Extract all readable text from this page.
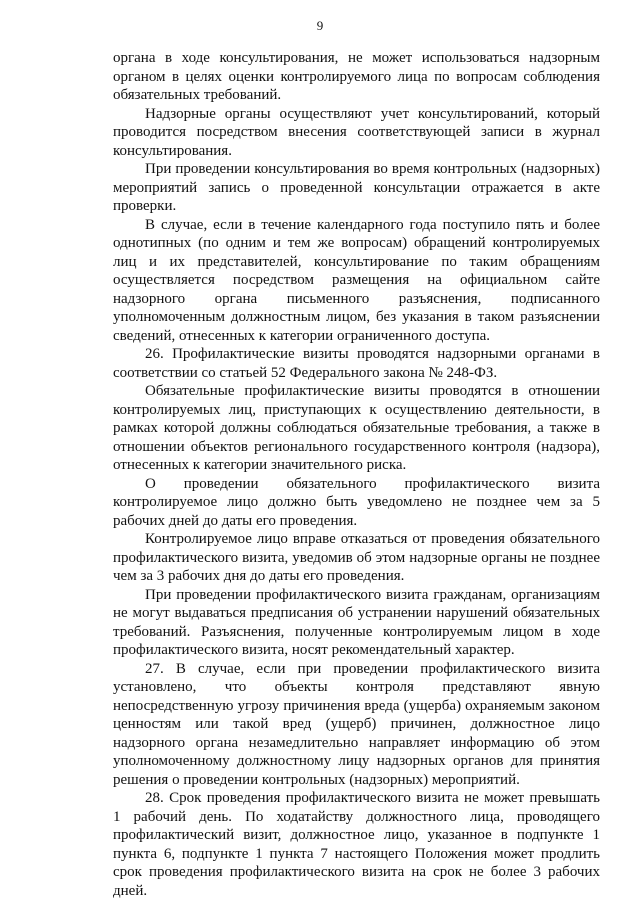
9

органа в ходе консультирования, не может использоваться надзорным органом в целях оценки контролируемого лица по вопросам соблюдения обязательных требований.

Надзорные органы осуществляют учет консультирований, который проводится посредством внесения соответствующей записи в журнал консультирования.

При проведении консультирования во время контрольных (надзорных) мероприятий запись о проведенной консультации отражается в акте проверки.

В случае, если в течение календарного года поступило пять и более однотипных (по одним и тем же вопросам) обращений контролируемых лиц и их представителей, консультирование по таким обращениям осуществляется посредством размещения на официальном сайте надзорного органа письменного разъяснения, подписанного уполномоченным должностным лицом, без указания в таком разъяснении сведений, отнесенных к категории ограниченного доступа.

26. Профилактические визиты проводятся надзорными органами в соответствии со статьей 52 Федерального закона № 248-ФЗ.

Обязательные профилактические визиты проводятся в отношении контролируемых лиц, приступающих к осуществлению деятельности, в рамках которой должны соблюдаться обязательные требования, а также в отношении объектов регионального государственного контроля (надзора), отнесенных к категории значительного риска.

О проведении обязательного профилактического визита контролируемое лицо должно быть уведомлено не позднее чем за 5 рабочих дней до даты его проведения.

Контролируемое лицо вправе отказаться от проведения обязательного профилактического визита, уведомив об этом надзорные органы не позднее чем за 3 рабочих дня до даты его проведения.

При проведении профилактического визита гражданам, организациям не могут выдаваться предписания об устранении нарушений обязательных требований. Разъяснения, полученные контролируемым лицом в ходе профилактического визита, носят рекомендательный характер.

27. В случае, если при проведении профилактического визита установлено, что объекты контроля представляют явную непосредственную угрозу причинения вреда (ущерба) охраняемым законом ценностям или такой вред (ущерб) причинен, должностное лицо надзорного органа незамедлительно направляет информацию об этом уполномоченному должностному лицу надзорных органов для принятия решения о проведении контрольных (надзорных) мероприятий.

28. Срок проведения профилактического визита не может превышать 1 рабочий день. По ходатайству должностного лица, проводящего профилактический визит, должностное лицо, указанное в подпункте 1 пункта 6, подпункте 1 пункта 7 настоящего Положения может продлить срок проведения профилактического визита на срок не более 3 рабочих дней.
